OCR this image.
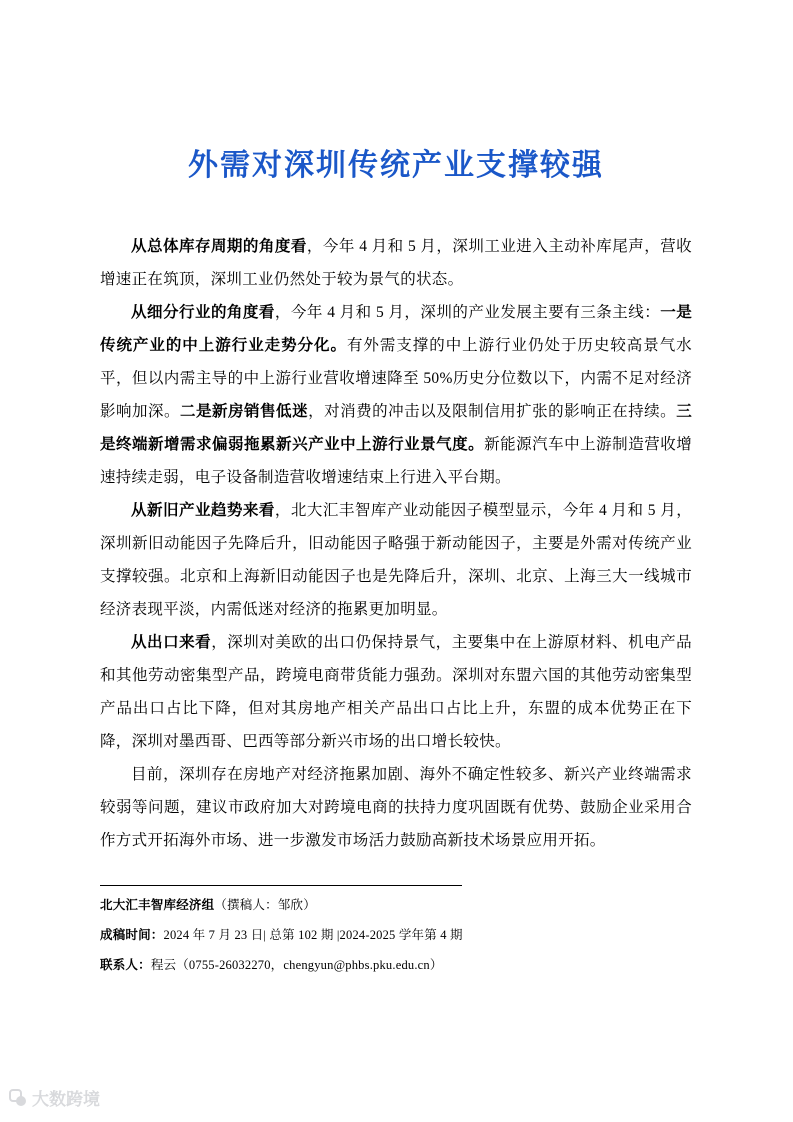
外需对深圳传统产业支撑较强

从总体库存周期的角度看，今年 4 月和 5 月，深圳工业进入主动补库尾声，营收增速正在筑顶，深圳工业仍然处于较为景气的状态。

从细分行业的角度看，今年 4 月和 5 月，深圳的产业发展主要有三条主线：一是传统产业的中上游行业走势分化。有外需支撑的中上游行业仍处于历史较高景气水平，但以内需主导的中上游行业营收增速降至 50%历史分位数以下，内需不足对经济影响加深。二是新房销售低迷，对消费的冲击以及限制信用扩张的影响正在持续。三是终端新增需求偏弱拖累新兴产业中上游行业景气度。新能源汽车中上游制造营收增速持续走弱，电子设备制造营收增速结束上行进入平台期。

从新旧产业趋势来看，北大汇丰智库产业动能因子模型显示，今年 4 月和 5 月，深圳新旧动能因子先降后升，旧动能因子略强于新动能因子，主要是外需对传统产业支撑较强。北京和上海新旧动能因子也是先降后升，深圳、北京、上海三大一线城市经济表现平淡，内需低迷对经济的拖累更加明显。

从出口来看，深圳对美欧的出口仍保持景气，主要集中在上游原材料、机电产品和其他劳动密集型产品，跨境电商带货能力强劲。深圳对东盟六国的其他劳动密集型产品出口占比下降，但对其房地产相关产品出口占比上升，东盟的成本优势正在下降，深圳对墨西哥、巴西等部分新兴市场的出口增长较快。

目前，深圳存在房地产对经济拖累加剧、海外不确定性较多、新兴产业终端需求较弱等问题，建议市政府加大对跨境电商的扶持力度巩固既有优势、鼓励企业采用合作方式开拓海外市场、进一步激发市场活力鼓励高新技术场景应用开拓。

北大汇丰智库经济组（撰稿人：邹欣）

成稿时间：2024 年 7 月 23 日| 总第 102 期 |2024-2025 学年第 4 期

联系人：程云（0755-26032270，chengyun@phbs.pku.edu.cn）

大数跨境
